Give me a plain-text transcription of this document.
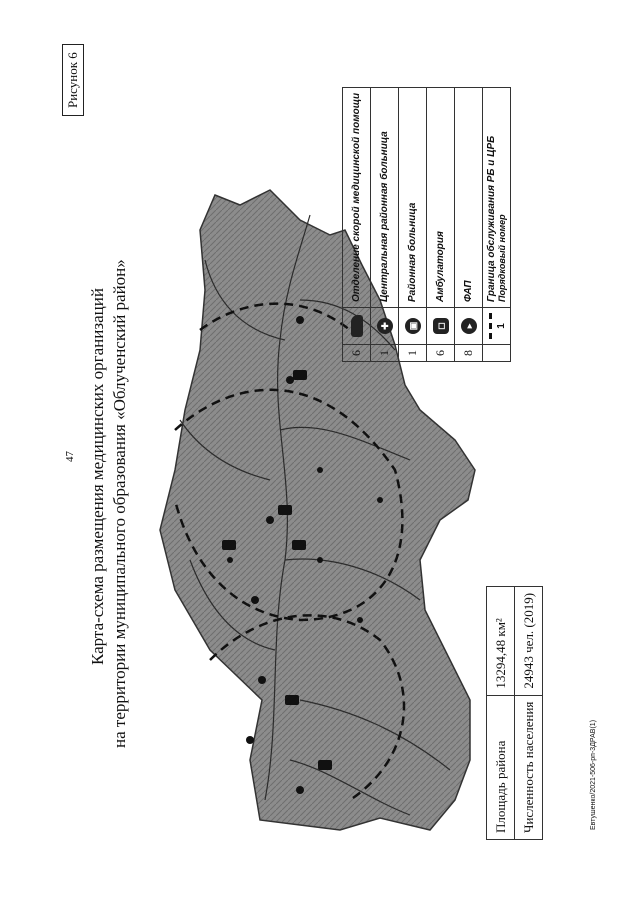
47 Карта-схема размещения медицинских организаций на территории муниципального образования «Облученский район»
Рисунок 6
Площадь района	13294,48 км²
Численность населения	24943 чел. (2019)
6		Отделение скорой медицинской помощи
1	✚	Центральная районная больница
1	▣	Районная больница
6	◻	Амбулатория
8	▸	ФАП

1	Граница обслуживания РБ и ЦРБ
Порядковый номер
Евтушенко/2021-506-рп-3ДРАВ(1)
